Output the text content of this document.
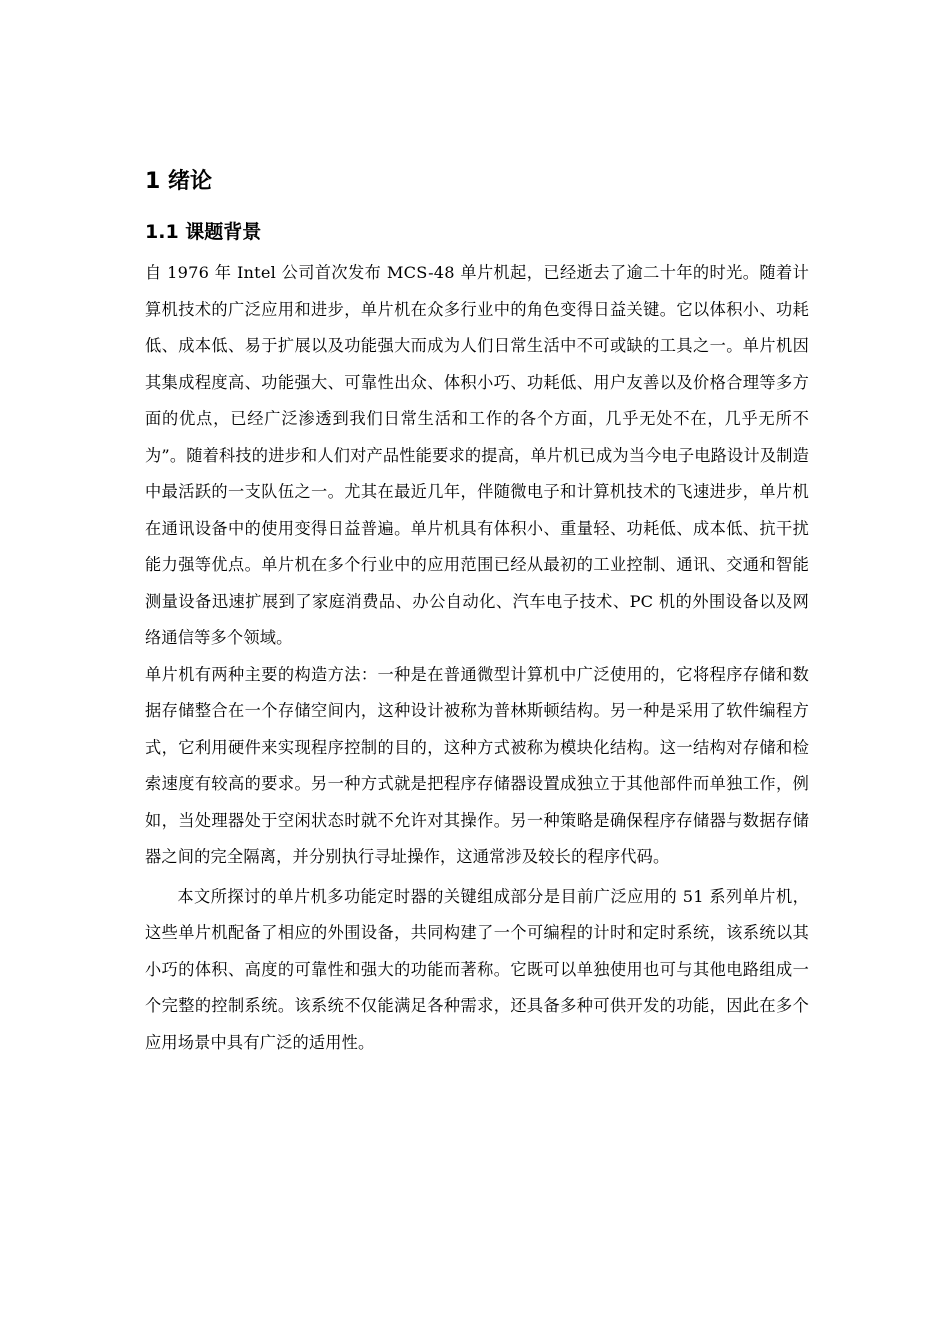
1 绪论
1.1 课题背景

自 1976 年 Intel 公司首次发布 MCS-48 单片机起，已经逝去了逾二十年的时光。随着计算机技术的广泛应用和进步，单片机在众多行业中的角色变得日益关键。它以体积小、功耗低、成本低、易于扩展以及功能强大而成为人们日常生活中不可或缺的工具之一。单片机因其集成程度高、功能强大、可靠性出众、体积小巧、功耗低、用户友善以及价格合理等多方面的优点，已经广泛渗透到我们日常生活和工作的各个方面，几乎无处不在，几乎无所不为”。随着科技的进步和人们对产品性能要求的提高，单片机已成为当今电子电路设计及制造中最活跃的一支队伍之一。尤其在最近几年，伴随微电子和计算机技术的飞速进步，单片机在通讯设备中的使用变得日益普遍。单片机具有体积小、重量轻、功耗低、成本低、抗干扰能力强等优点。单片机在多个行业中的应用范围已经从最初的工业控制、通讯、交通和智能测量设备迅速扩展到了家庭消费品、办公自动化、汽车电子技术、PC 机的外围设备以及网络通信等多个领域。

单片机有两种主要的构造方法：一种是在普通微型计算机中广泛使用的，它将程序存储和数据存储整合在一个存储空间内，这种设计被称为普林斯顿结构。另一种是采用了软件编程方式，它利用硬件来实现程序控制的目的，这种方式被称为模块化结构。这一结构对存储和检索速度有较高的要求。另一种方式就是把程序存储器设置成独立于其他部件而单独工作，例如，当处理器处于空闲状态时就不允许对其操作。另一种策略是确保程序存储器与数据存储器之间的完全隔离，并分别执行寻址操作，这通常涉及较长的程序代码。

本文所探讨的单片机多功能定时器的关键组成部分是目前广泛应用的 51 系列单片机，这些单片机配备了相应的外围设备，共同构建了一个可编程的计时和定时系统，该系统以其小巧的体积、高度的可靠性和强大的功能而著称。它既可以单独使用也可与其他电路组成一个完整的控制系统。该系统不仅能满足各种需求，还具备多种可供开发的功能，因此在多个应用场景中具有广泛的适用性。
